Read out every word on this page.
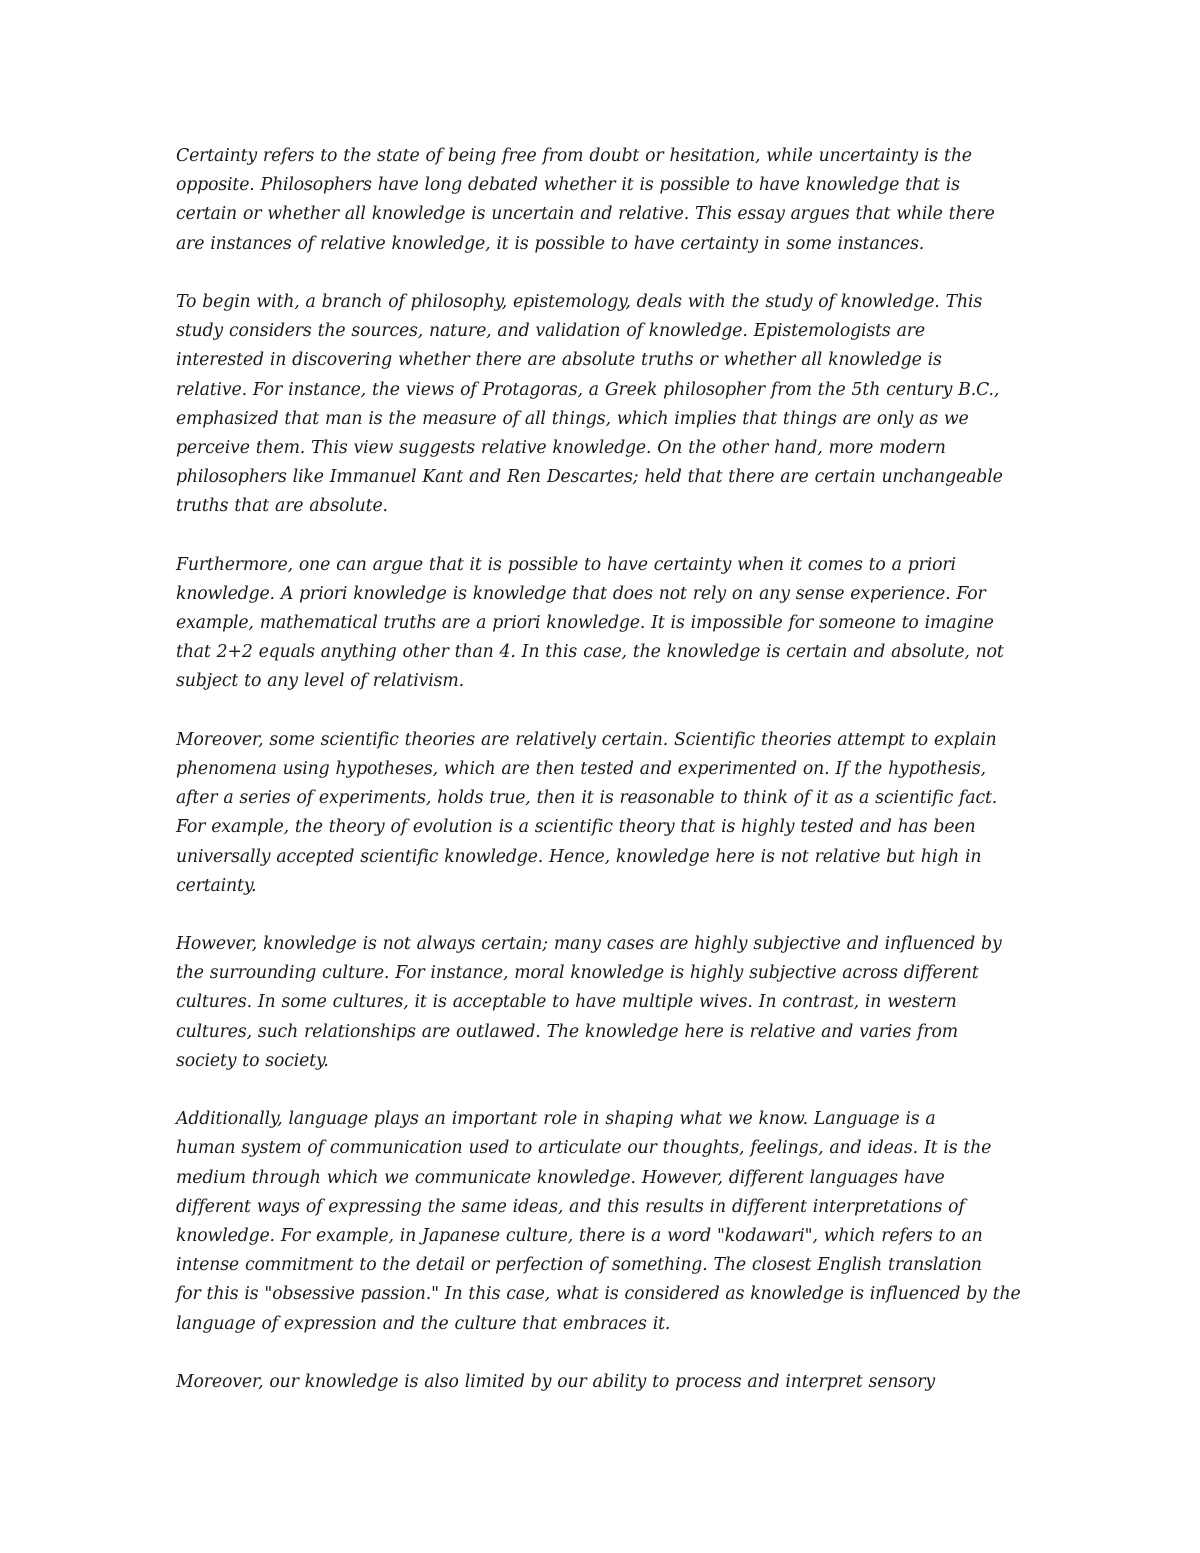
Certainty refers to the state of being free from doubt or hesitation, while uncertainty is the
opposite. Philosophers have long debated whether it is possible to have knowledge that is
certain or whether all knowledge is uncertain and relative. This essay argues that while there
are instances of relative knowledge, it is possible to have certainty in some instances.
To begin with, a branch of philosophy, epistemology, deals with the study of knowledge. This
study considers the sources, nature, and validation of knowledge. Epistemologists are
interested in discovering whether there are absolute truths or whether all knowledge is
relative. For instance, the views of Protagoras, a Greek philosopher from the 5th century B.C.,
emphasized that man is the measure of all things, which implies that things are only as we
perceive them. This view suggests relative knowledge. On the other hand, more modern
philosophers like Immanuel Kant and Ren Descartes; held that there are certain unchangeable
truths that are absolute.
Furthermore, one can argue that it is possible to have certainty when it comes to a priori
knowledge. A priori knowledge is knowledge that does not rely on any sense experience. For
example, mathematical truths are a priori knowledge. It is impossible for someone to imagine
that 2+2 equals anything other than 4. In this case, the knowledge is certain and absolute, not
subject to any level of relativism.
Moreover, some scientific theories are relatively certain. Scientific theories attempt to explain
phenomena using hypotheses, which are then tested and experimented on. If the hypothesis,
after a series of experiments, holds true, then it is reasonable to think of it as a scientific fact.
For example, the theory of evolution is a scientific theory that is highly tested and has been
universally accepted scientific knowledge. Hence, knowledge here is not relative but high in
certainty.
However, knowledge is not always certain; many cases are highly subjective and influenced by
the surrounding culture. For instance, moral knowledge is highly subjective across different
cultures. In some cultures, it is acceptable to have multiple wives. In contrast, in western
cultures, such relationships are outlawed. The knowledge here is relative and varies from
society to society.
Additionally, language plays an important role in shaping what we know. Language is a
human system of communication used to articulate our thoughts, feelings, and ideas. It is the
medium through which we communicate knowledge. However, different languages have
different ways of expressing the same ideas, and this results in different interpretations of
knowledge. For example, in Japanese culture, there is a word "kodawari", which refers to an
intense commitment to the detail or perfection of something. The closest English translation
for this is "obsessive passion." In this case, what is considered as knowledge is influenced by the
language of expression and the culture that embraces it.
Moreover, our knowledge is also limited by our ability to process and interpret sensory
